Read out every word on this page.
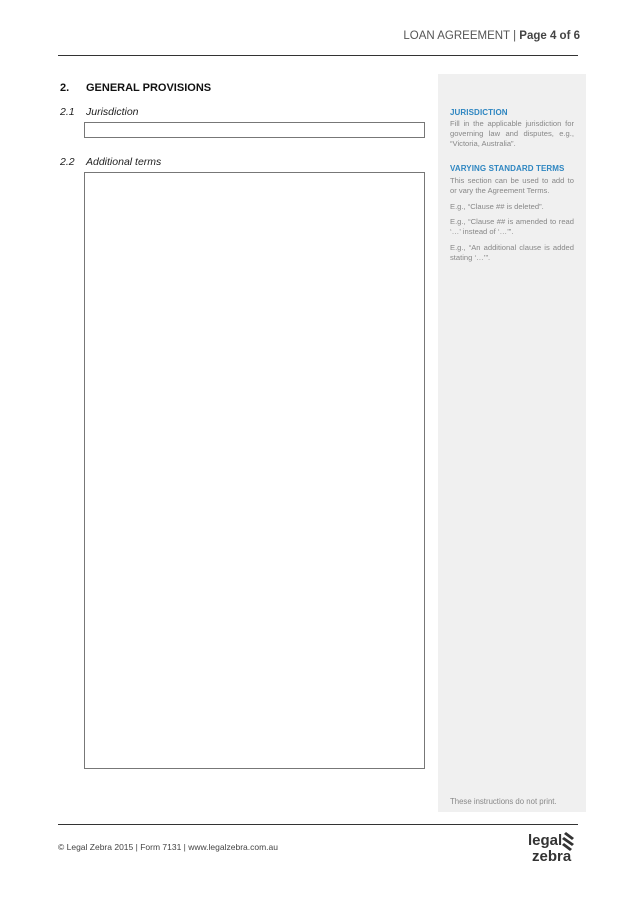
LOAN AGREEMENT | Page 4 of 6
JURISDICTION
Fill in the applicable jurisdiction for governing law and disputes, e.g., “Victoria, Australia”.
VARYING STANDARD TERMS
This section can be used to add to or vary the Agreement Terms.
E.g., “Clause ## is deleted”.
E.g., “Clause ## is amended to read ‘…’ instead of ‘…’”.
E.g., “An additional clause is added stating ‘…’”.
These instructions do not print.
2. GENERAL PROVISIONS
2.1 Jurisdiction
2.2 Additional terms
© Legal Zebra 2015 | Form 7131 | www.legalzebra.com.au	legal
zebra
